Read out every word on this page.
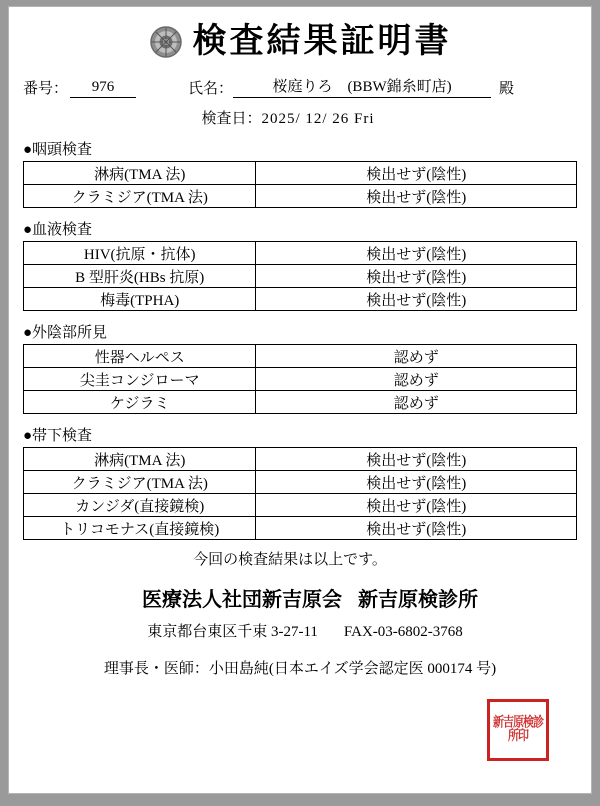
検査結果証明書
番号：	976	氏名：	桜庭りろ　(BBW錦糸町店)	殿
検査日：2025/ 12/ 26 Fri
●咽頭検査
淋病(TMA 法)	検出せず(陰性)
クラミジア(TMA 法)	検出せず(陰性)
●血液検査
HIV(抗原・抗体)	検出せず(陰性)
B 型肝炎(HBs 抗原)	検出せず(陰性)
梅毒(TPHA)	検出せず(陰性)
●外陰部所見
性器ヘルペス	認めず
尖圭コンジローマ	認めず
ケジラミ	認めず
●帯下検査
淋病(TMA 法)	検出せず(陰性)
クラミジア(TMA 法)	検出せず(陰性)
カンジダ(直接鏡検)	検出せず(陰性)
トリコモナス(直接鏡検)	検出せず(陰性)
今回の検査結果は以上です。
医療法人社団新吉原会 新吉原検診所
東京都台東区千束 3-27-11 FAX-03-6802-3768
理事長・医師：小田島純(日本エイズ学会認定医 000174 号)
新吉原検診所印
